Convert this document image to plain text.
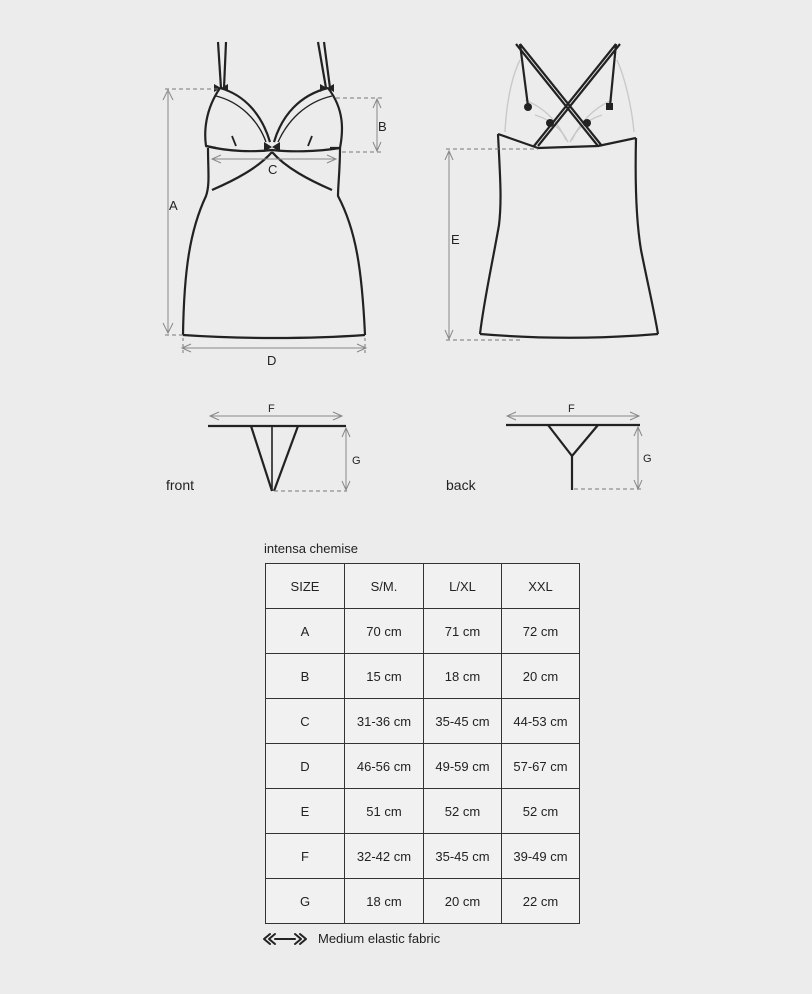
A
B
C
D
E
F
G
F
G
front	back
intensa chemise
SIZE	S/M.	L/XL	XXL
A	70 cm	71 cm	72 cm
B	15 cm	18 cm	20 cm
C	31-36 cm	35-45 cm	44-53 cm
D	46-56 cm	49-59 cm	57-67 cm
E	51 cm	52 cm	52 cm
F	32-42 cm	35-45 cm	39-49 cm
G	18 cm	20 cm	22 cm
Medium elastic fabric
